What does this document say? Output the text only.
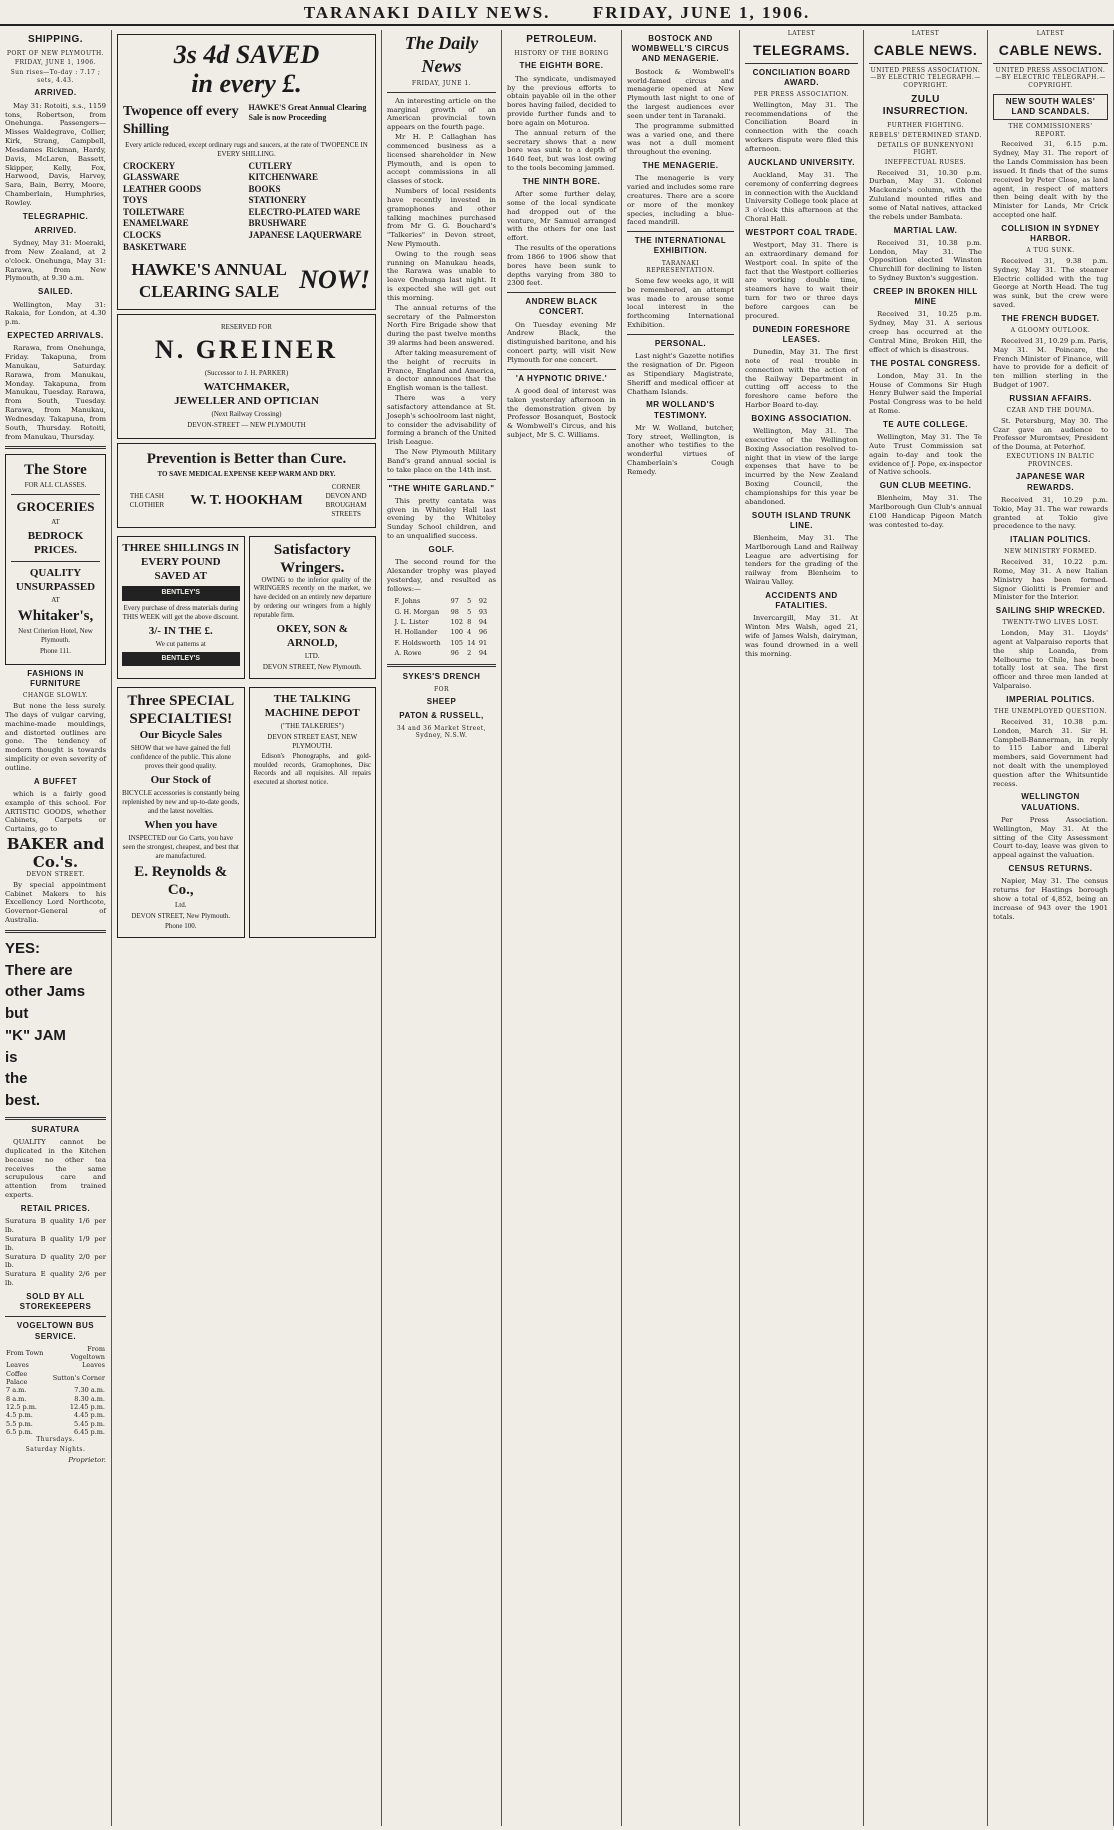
TARANAKI DAILY NEWS.	FRIDAY, JUNE 1, 1906.
SHIPPING.
PORT OF NEW PLYMOUTH.
FRIDAY, JUNE 1, 1906.
Sun rises—To-day : 7.17 ; sets, 4.43.
ARRIVED.

May 31: Rotoiti, s.s., 1159 tons, Robertson, from Onehunga. Passengers—Misses Waldegrave, Collier, Kirk, Strang, Campbell, Mesdames Rickman, Hardy, Davis, McLaren, Bassett, Skipper, Kelly, Fox, Harwood, Davis, Harvey, Sara, Bain, Berry, Moore, Chamberlain, Humphries, Rowley.

TELEGRAPHIC.
ARRIVED.

Sydney, May 31: Moeraki, from New Zealand, at 2 o'clock. Onehunga, May 31: Rarawa, from New Plymouth, at 9.30 a.m.

SAILED.

Wellington, May 31: Rakaia, for London, at 4.30 p.m.

EXPECTED ARRIVALS.

Rarawa, from Onehunga, Friday. Takapuna, from Manukau, Saturday. Rarawa, from Manukau, Monday. Takapuna, from Manukau, Tuesday. Rarawa, from South, Tuesday. Rarawa, from Manukau, Wednesday. Takapuna, from South, Thursday. Rotoiti, from Manukau, Thursday.

The Store
FOR ALL CLASSES.
GROCERIES
AT
BEDROCK PRICES.
QUALITY UNSURPASSED
AT
Whitaker's,
Next Criterion Hotel, New Plymouth.
Phone 111.
FASHIONS IN FURNITURE
CHANGE SLOWLY.

But none the less surely. The days of vulgar carving, machine-made mouldings, and distorted outlines are gone. The tendency of modern thought is towards simplicity or even severity of outline.

A BUFFET

which is a fairly good example of this school. For ARTISTIC GOODS, whether Cabinets, Carpets or Curtains, go to

BAKER and Co.'s.
DEVON STREET.

By special appointment Cabinet Makers to his Excellency Lord Northcote, Governor-General of Australia.

YES:
There are
other Jams
but
"K" JAM
is
the
best.
SURATURA

QUALITY cannot be duplicated in the Kitchen because no other tea receives the same scrupulous care and attention from trained experts.

RETAIL PRICES.
Suratura B quality 1/6 per lb.
Suratura B quality 1/9 per lb.
Suratura D quality 2/0 per lb.
Suratura E quality 2/6 per lb.
SOLD BY ALL STOREKEEPERS
VOGELTOWN BUS SERVICE.
From Town	From Vogeltown
Leaves	Leaves
Coffee Palace	Sutton's Corner
7 a.m.	7.30 a.m.
8 a.m.	8.30 a.m.
12.5 p.m.	12.45 p.m.
4.5 p.m.	4.45 p.m.
5.5 p.m.	5.45 p.m.
6.5 p.m.	6.45 p.m.
Thursdays.
Saturday Nights.
Proprietor.
3s 4d SAVED
in every £.
Twopence off every Shilling
HAWKE'S Great Annual Clearing Sale is now Proceeding
Every article reduced, except ordinary rugs and saucers, at the rate of TWOPENCE IN EVERY SHILLING.
CROCKERY
GLASSWARE
LEATHER GOODS
TOYS
TOILETWARE
ENAMELWARE
CLOCKS
BASKETWARE
CUTLERY
KITCHENWARE
BOOKS
STATIONERY
ELECTRO-PLATED WARE
BRUSHWARE
JAPANESE LAQUERWARE
HAWKE'S ANNUAL CLEARING SALE NOW!
RESERVED FOR
N. GREINER
(Successor to J. H. PARKER)
WATCHMAKER,
JEWELLER AND OPTICIAN
(Next Railway Crossing)
DEVON-STREET — NEW PLYMOUTH
Prevention is Better than Cure.
TO SAVE MEDICAL EXPENSE KEEP WARM AND DRY.
THE CASH CLOTHIER	W. T. HOOKHAM
CORNER DEVON AND BROUGHAM STREETS
THREE SHILLINGS IN EVERY POUND SAVED AT
BENTLEY'S
Every purchase of dress materials during THIS WEEK will get the above discount.
3/- IN THE £.
We cut patterns at
BENTLEY'S
Satisfactory Wringers.

OWING to the inferior quality of the WRINGERS recently on the market, we have decided on an entirely new departure by ordering our wringers from a highly reputable firm.

OKEY, SON & ARNOLD,
LTD.
DEVON STREET, New Plymouth.
Three SPECIAL SPECIALTIES!
Our Bicycle Sales
SHOW that we have gained the full confidence of the public. This alone proves their good quality.
Our Stock of
BICYCLE accessories is constantly being replenished by new and up-to-date goods, and the latest novelties.
When you have
INSPECTED our Go Carts, you have seen the strongest, cheapest, and best that are manufactured.
E. Reynolds & Co.,
Ltd.
DEVON STREET, New Plymouth.
Phone 100.
THE TALKING MACHINE DEPOT
("THE TALKERIES")
DEVON STREET EAST, NEW PLYMOUTH.

Edison's Phonographs, and gold-moulded records, Gramophones, Disc Records and all requisites. All repairs executed at shortest notice.

The Daily News
FRIDAY, JUNE 1.

An interesting article on the marginal growth of an American provincial town appears on the fourth page.

Mr H. P. Callaghan has commenced business as a licensed shareholder in New Plymouth, and is open to accept commissions in all classes of stock.

Numbers of local residents have recently invested in gramophones and other talking machines purchased from Mr G. G. Bouchard's "Talkeries" in Devon street, New Plymouth.

Owing to the rough seas running on Manukau heads, the Rarawa was unable to leave Onehunga last night. It is expected she will get out this morning.

The annual returns of the secretary of the Palmerston North Fire Brigade show that during the past twelve months 39 alarms had been answered.

After taking measurement of the height of recruits in France, England and America, a doctor announces that the English woman is the tallest.

There was a very satisfactory attendance at St. Joseph's schoolroom last night, to consider the advisability of forming a branch of the United Irish League.

The New Plymouth Military Band's grand annual social is to take place on the 14th inst.

"THE WHITE GARLAND."

This pretty cantata was given in Whiteley Hall last evening by the Whiteley Sunday School children, and to an unqualified success.

GOLF.

The second round for the Alexander trophy was played yesterday, and resulted as follows:—

F. Johns	97	5	92
G. H. Morgan	98	5	93
J. L. Lister	102	8	94
H. Hollander	100	4	96
F. Holdsworth	105	14	91
A. Rowe	96	2	94
SYKES'S DRENCH
FOR
SHEEP
PATON & RUSSELL,
34 and 36 Market Street, Sydney, N.S.W.
PETROLEUM.
HISTORY OF THE BORING
THE EIGHTH BORE.

The syndicate, undismayed by the previous efforts to obtain payable oil in the other bores having failed, decided to provide further funds and to bore again on Moturoa.

The annual return of the secretary shows that a new bore was sunk to a depth of 1640 feet, but was lost owing to the tools becoming jammed.

THE NINTH BORE.

After some further delay, some of the local syndicate had dropped out of the venture, Mr Samuel arranged with the others for one last effort.

The results of the operations from 1866 to 1906 show that bores have been sunk to depths varying from 380 to 2300 feet.

ANDREW BLACK CONCERT.

On Tuesday evening Mr Andrew Black, the distinguished baritone, and his concert party, will visit New Plymouth for one concert.

'A HYPNOTIC DRIVE.'

A good deal of interest was taken yesterday afternoon in the demonstration given by Professor Bosanquet, Bostock & Wombwell's Circus, and his subject, Mr S. C. Williams.

BOSTOCK AND WOMBWELL'S CIRCUS AND MENAGERIE.

Bostock & Wombwell's world-famed circus and menagerie opened at New Plymouth last night to one of the largest audiences ever seen under tent in Taranaki.

The programme submitted was a varied one, and there was not a dull moment throughout the evening.

THE MENAGERIE.

The menagerie is very varied and includes some rare creatures. There are a score or more of the monkey species, including a blue-faced mandrill.

THE INTERNATIONAL EXHIBITION.
TARANAKI REPRESENTATION.

Some few weeks ago, it will be remembered, an attempt was made to arouse some local interest in the forthcoming International Exhibition.

PERSONAL.

Last night's Gazette notifies the resignation of Dr. Pigeon as Stipendiary Magistrate, Sheriff and medical officer at Chatham Islands.

MR WOLLAND'S TESTIMONY.

Mr W. Wolland, butcher, Tory street, Wellington, is another who testifies to the wonderful virtues of Chamberlain's Cough Remedy.

LATEST
TELEGRAMS.
CONCILIATION BOARD AWARD.
PER PRESS ASSOCIATION.

Wellington, May 31. The recommendations of the Conciliation Board in connection with the coach workers dispute were filed this afternoon.

AUCKLAND UNIVERSITY.

Auckland, May 31. The ceremony of conferring degrees in connection with the Auckland University College took place at 3 o'clock this afternoon at the Choral Hall.

WESTPORT COAL TRADE.

Westport, May 31. There is an extraordinary demand for Westport coal. In spite of the fact that the Westport collieries are working double time, steamers have to wait their turn for two or three days before cargoes can be procured.

DUNEDIN FORESHORE LEASES.

Dunedin, May 31. The first note of real trouble in connection with the action of the Railway Department in cutting off access to the foreshore came before the Harbor Board to-day.

BOXING ASSOCIATION.

Wellington, May 31. The executive of the Wellington Boxing Association resolved to-night that in view of the large expenses that have to be incurred by the New Zealand Boxing Council, the championships for this year be abandoned.

SOUTH ISLAND TRUNK LINE.

Blenheim, May 31. The Marlborough Land and Railway League are advertising for tenders for the grading of the railway from Blenheim to Wairau Valley.

ACCIDENTS AND FATALITIES.

Invercargill, May 31. At Winton Mrs Walsh, aged 21, wife of James Walsh, dairyman, was found drowned in a well this morning.

LATEST
CABLE NEWS.
UNITED PRESS ASSOCIATION.—BY ELECTRIC TELEGRAPH.—COPYRIGHT.
ZULU INSURRECTION.
FURTHER FIGHTING.
REBELS' DETERMINED STAND.
DETAILS OF BUNKENYONI FIGHT.
INEFFECTUAL RUSES.

Received 31, 10.30 p.m. Durban, May 31. Colonel Mackenzie's column, with the Zululand mounted rifles and some of Natal natives, attacked the rebels under Bambata.

MARTIAL LAW.

Received 31, 10.38 p.m. London, May 31. The Opposition elected Winston Churchill for declining to listen to Sydney Buxton's suggestion.

CREEP IN BROKEN HILL MINE

Received 31, 10.25 p.m. Sydney, May 31. A serious creep has occurred at the Central Mine, Broken Hill, the effect of which is disastrous.

THE POSTAL CONGRESS.

London, May 31. In the House of Commons Sir Hugh Henry Bulwer said the Imperial Postal Congress was to be held at Rome.

TE AUTE COLLEGE.

Wellington, May 31. The Te Aute Trust Commission sat again to-day and took the evidence of J. Pope, ex-inspector of Native schools.

GUN CLUB MEETING.

Blenheim, May 31. The Marlborough Gun Club's annual £100 Handicap Pigeon Match was contested to-day.

LATEST
CABLE NEWS.
UNITED PRESS ASSOCIATION.—BY ELECTRIC TELEGRAPH.—COPYRIGHT.
NEW SOUTH WALES' LAND SCANDALS.
THE COMMISSIONERS' REPORT.

Received 31, 6.15 p.m. Sydney, May 31. The report of the Lands Commission has been issued. It finds that of the sums received by Peter Close, as land agent, in respect of matters then being dealt with by the Minister for Lands, Mr Crick accepted one half.

COLLISION IN SYDNEY HARBOR.
A TUG SUNK.

Received 31, 9.38 p.m. Sydney, May 31. The steamer Electric collided with the tug George at North Head. The tug was sunk, but the crew were saved.

THE FRENCH BUDGET.
A GLOOMY OUTLOOK.

Received 31, 10.29 p.m. Paris, May 31. M. Poincare, the French Minister of Finance, will have to provide for a deficit of ten million sterling in the Budget of 1907.

RUSSIAN AFFAIRS.
CZAR AND THE DOUMA.

St. Petersburg, May 30. The Czar gave an audience to Professor Muromtsev, President of the Douma, at Peterhof.

EXECUTIONS IN BALTIC PROVINCES.
JAPANESE WAR REWARDS.

Received 31, 10.29 p.m. Tokio, May 31. The war rewards granted at Tokio give precedence to the navy.

ITALIAN POLITICS.
NEW MINISTRY FORMED.

Received 31, 10.22 p.m. Rome, May 31. A new Italian Ministry has been formed. Signor Giolitti is Premier and Minister for the Interior.

SAILING SHIP WRECKED.
TWENTY-TWO LIVES LOST.

London, May 31. Lloyds' agent at Valparaiso reports that the ship Loanda, from Melbourne to Chile, has been totally lost at sea. The first officer and three men landed at Valparaiso.

IMPERIAL POLITICS.
THE UNEMPLOYED QUESTION.

Received 31, 10.38 p.m. London, March 31. Sir H. Campbell-Bannerman, in reply to 115 Labor and Liberal members, said Government had not dealt with the unemployed question after the Whitsuntide recess.

WELLINGTON VALUATIONS.

Per Press Association. Wellington, May 31. At the sitting of the City Assessment Court to-day, leave was given to appeal against the valuation.

CENSUS RETURNS.

Napier, May 31. The census returns for Hastings borough show a total of 4,852, being an increase of 943 over the 1901 totals.
